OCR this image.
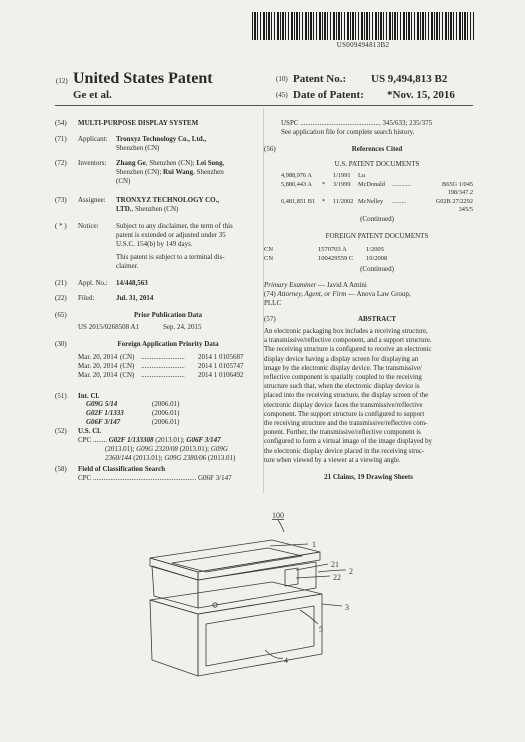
US009494813B2
(12) United States Patent
Ge et al.
(10) Patent No.: US 9,494,813 B2
(45) Date of Patent: *Nov. 15, 2016
(54) MULTI-PURPOSE DISPLAY SYSTEM
(71) Applicant: Tronxyz Technology Co., Ltd.,
Shenzhen (CN)
(72) Inventors: Zhang Ge, Shenzhen (CN); Lei Song,
Shenzhen (CN); Rui Wang, Shenzhen
(CN)
(73) Assignee: TRONXYZ TECHNOLOGY CO.,
LTD., Shenzhen (CN)
( * ) Notice: Subject to any disclaimer, the term of this
patent is extended or adjusted under 35
U.S.C. 154(b) by 149 days.
This patent is subject to a terminal dis-
claimer.
(21) Appl. No.: 14/448,563
(22) Filed:	Jul. 31, 2014
(65)	Prior Publication Data
US 2015/0268508 A1	Sep. 24, 2015
(30)	Foreign Application Priority Data
Mar. 20, 2014 (CN) ......................... 2014 1 0105687
Mar. 20, 2014 (CN) ......................... 2014 1 0105747
Mar. 20, 2014 (CN) ......................... 2014 1 0106492
(51) Int. Cl.
G09G 5/14	(2006.01)
G02F 1/1333	(2006.01)
G06F 3/147	(2006.01)
(52) U.S. Cl.
CPC ........ G02F 1/133308 (2013.01); G06F 3/147
(2013.01); G09G 2320/08 (2013.01); G09G
2360/144 (2013.01); G09G 2380/06 (2013.01)
(58) Field of Classification Search
CPC ........................................................... G06F 3/147
USPC .............................................. 345/633; 235/375
See application file for complete search history.
(56)	References Cited
U.S. PATENT DOCUMENTS
4,988,976 A	1/1991 Lu
5,880,443 A * 3/1999 McDonald ............	B65G 1/045
198/347.2
6,481,851 B1 * 11/2002 McNelley .........	G02B 27/2292
345/5
(Continued)
FOREIGN PATENT DOCUMENTS
CN	1570703 A	1/2005
CN	100429559 C 10/2008
(Continued)
Primary Examiner — Javid A Amini
(74) Attorney, Agent, or Firm — Anova Law Group,
PLLC
(57)	ABSTRACT
An electronic packaging box includes a receiving structure,
a transmissive/reflective component, and a support structure.
The receiving structure is configured to receive an electronic
display device having a display screen for displaying an
image by the electronic display device. The transmissive/
reflective component is spatially coupled to the receiving
structure such that, when the electronic display device is
placed into the receiving structure, the display screen of the
electronic display device faces the transmissive/reflective
component. The support structure is configured to support
the receiving structure and the transmissive/reflective com-
ponent. Further, the transmissive/reflective component is
configured to form a virtual image of the image displayed by
the electronic display device placed in the receiving struc-
ture when viewed by a viewer at a viewing angle.
21 Claims, 19 Drawing Sheets
100
1
21
22
2
3
5
4
